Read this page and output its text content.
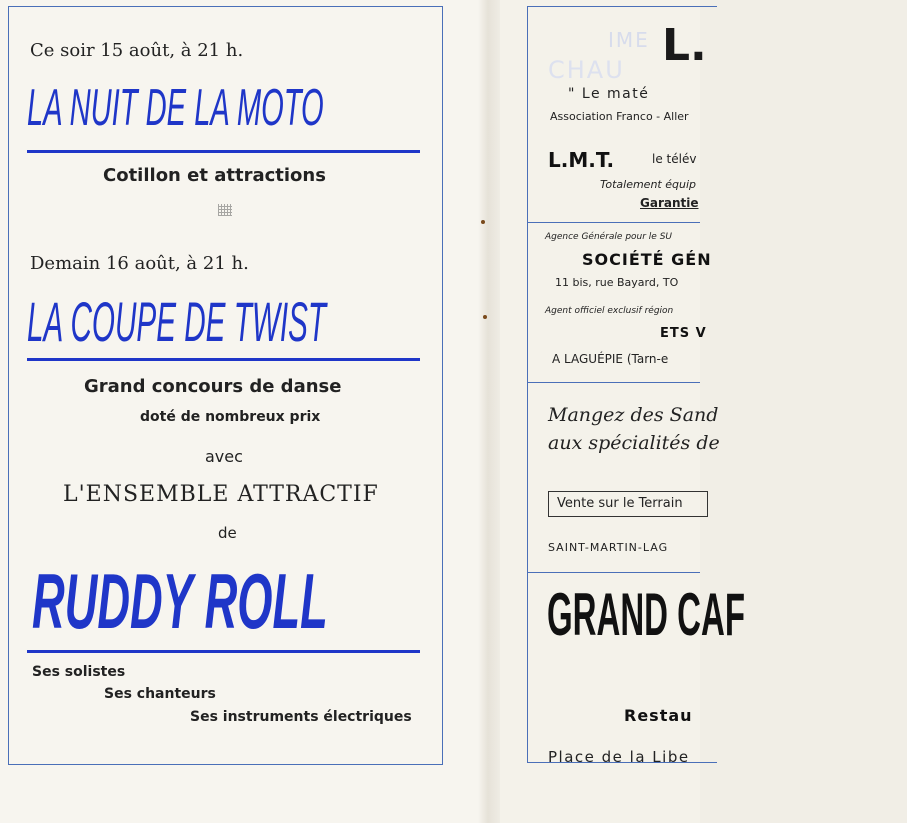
Ce soir 15 août, à 21 h.
LA NUIT DE LA MOTO
Cotillon et attractions
Demain 16 août, à 21 h.
LA COUPE DE TWIST
Grand concours de danse
doté de nombreux prix
avec
L'ENSEMBLE ATTRACTIF
de
RUDDY ROLL
Ses solistes
Ses chanteurs
Ses instruments électriques
IME
CHAU L.
" Le maté
Association Franco - Aller
L.M.T.	le télév
Totalement équip
Garantie
Agence Générale pour le SU
SOCIÉTÉ GÉN
11 bis, rue Bayard, TO
Agent officiel exclusif région
ETS V
A LAGUÉPIE (Tarn-e
Mangez des Sand
aux spécialités de
Vente sur le Terrain
SAINT-MARTIN-LAG
GRAND CAF
Restau
Place de la Libe
